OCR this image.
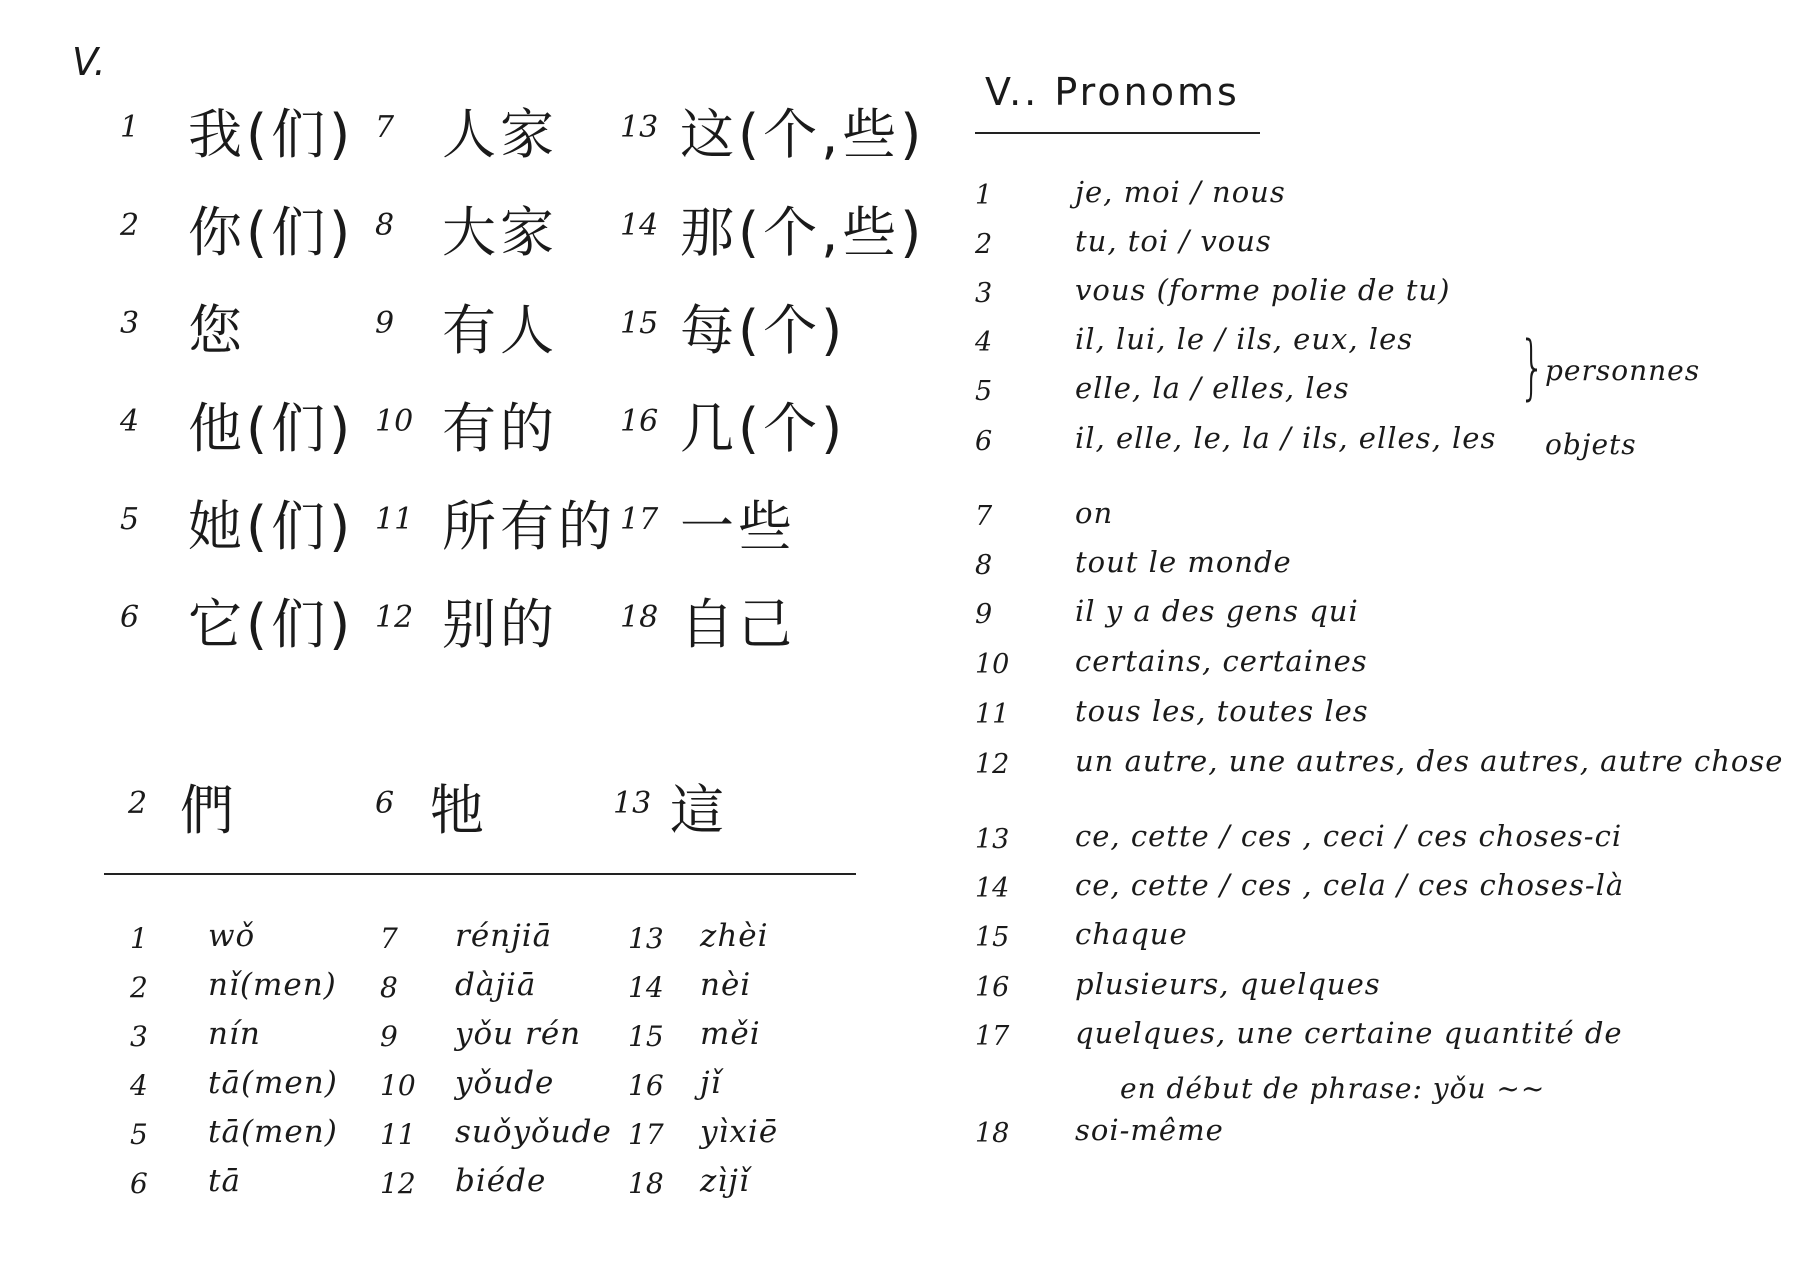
V.
1 我(们) 7 人家 13 这(个,些)
2 你(们) 8 大家 14 那(个,些)
3 您	9 有人 15 每(个)
4 他(们) 10 有的 16 几(个)
5 她(们) 11 所有的 17 一些
6 它(们) 12 别的 18 自己
2 們	6 牠	13 這
1 wǒ	7 rénjiā	13 zhèi
2 nǐ(men) 8 dàjiā	14 nèi
3 nín	9 yǒu rén 15 měi
4 tā(men) 10 yǒude	16 jǐ
5 tā(men) 11 suǒyǒude 17 yìxiē
6 tā	12 biéde	18 zìjǐ
V.. Pronoms
1	je, moi / nous
2	tu, toi / vous
3	vous (forme polie de tu)
4	il, lui, le / ils, eux, les
5	elle, la / elles, les
6	il, elle, le, la / ils, elles, les
7	on
8	tout le monde
9	il y a des gens qui
10 certains, certaines
11 tous les, toutes les
12 un autre, une autres, des autres, autre chose
13 ce, cette / ces , ceci / ces choses-ci
14 ce, cette / ces , cela / ces choses-là
15 chaque
16 plusieurs, quelques
17 quelques, une certaine quantité de
18 soi-même
en début de phrase: yǒu ~~
} personnes
objets
